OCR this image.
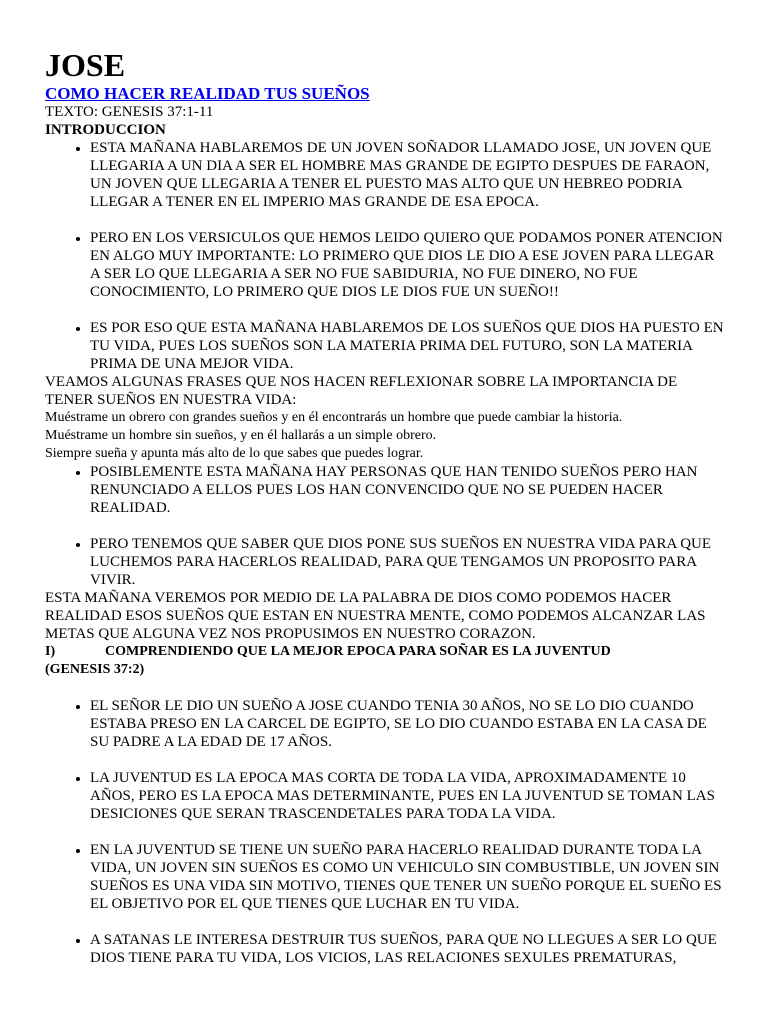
JOSE
COMO HACER REALIDAD TUS SUEÑOS
TEXTO: GENESIS 37:1-11
INTRODUCCION
• ESTA MAÑANA HABLAREMOS DE UN JOVEN SOÑADOR LLAMADO JOSE, UN JOVEN QUE LLEGARIA A UN DIA A SER EL HOMBRE MAS GRANDE DE EGIPTO DESPUES DE FARAON, UN JOVEN QUE LLEGARIA A TENER EL PUESTO MAS ALTO QUE UN HEBREO PODRIA LLEGAR A TENER EN EL IMPERIO MAS GRANDE DE ESA EPOCA.
• PERO EN LOS VERSICULOS QUE HEMOS LEIDO QUIERO QUE PODAMOS PONER ATENCION EN ALGO MUY IMPORTANTE: LO PRIMERO QUE DIOS LE DIO A ESE JOVEN PARA LLEGAR A SER LO QUE LLEGARIA A SER NO FUE SABIDURIA, NO FUE DINERO, NO FUE CONOCIMIENTO, LO PRIMERO QUE DIOS LE DIOS FUE UN SUEÑO!!
• ES POR ESO QUE ESTA MAÑANA HABLAREMOS DE LOS SUEÑOS QUE DIOS HA PUESTO EN TU VIDA, PUES LOS SUEÑOS SON LA MATERIA PRIMA DEL FUTURO, SON LA MATERIA PRIMA DE UNA MEJOR VIDA.
VEAMOS ALGUNAS FRASES QUE NOS HACEN REFLEXIONAR SOBRE LA IMPORTANCIA DE TENER SUEÑOS EN NUESTRA VIDA:
Muéstrame un obrero con grandes sueños y en él encontrarás un hombre que puede cambiar la historia.
Muéstrame un hombre sin sueños, y en él hallarás a un simple obrero.
Siempre sueña y apunta más alto de lo que sabes que puedes lograr.
• POSIBLEMENTE ESTA MAÑANA HAY PERSONAS QUE HAN TENIDO SUEÑOS PERO HAN RENUNCIADO A ELLOS PUES LOS HAN CONVENCIDO QUE NO SE PUEDEN HACER REALIDAD.
• PERO TENEMOS QUE SABER QUE DIOS PONE SUS SUEÑOS EN NUESTRA VIDA PARA QUE LUCHEMOS PARA HACERLOS REALIDAD, PARA QUE TENGAMOS UN PROPOSITO PARA VIVIR.
ESTA MAÑANA VEREMOS POR MEDIO DE LA PALABRA DE DIOS COMO PODEMOS HACER REALIDAD ESOS SUEÑOS QUE ESTAN EN NUESTRA MENTE, COMO PODEMOS ALCANZAR LAS METAS QUE ALGUNA VEZ NOS PROPUSIMOS EN NUESTRO CORAZON.
I)	COMPRENDIENDO QUE LA MEJOR EPOCA PARA SOÑAR ES LA JUVENTUD
(GENESIS 37:2)
• EL SEÑOR LE DIO UN SUEÑO A JOSE CUANDO TENIA 30 AÑOS, NO SE LO DIO CUANDO ESTABA PRESO EN LA CARCEL DE EGIPTO, SE LO DIO CUANDO ESTABA EN LA CASA DE SU PADRE A LA EDAD DE 17 AÑOS.
• LA JUVENTUD ES LA EPOCA MAS CORTA DE TODA LA VIDA, APROXIMADAMENTE 10 AÑOS, PERO ES LA EPOCA MAS DETERMINANTE, PUES EN LA JUVENTUD SE TOMAN LAS DESICIONES QUE SERAN TRASCENDETALES PARA TODA LA VIDA.
• EN LA JUVENTUD SE TIENE UN SUEÑO PARA HACERLO REALIDAD DURANTE TODA LA VIDA, UN JOVEN SIN SUEÑOS ES COMO UN VEHICULO SIN COMBUSTIBLE, UN JOVEN SIN SUEÑOS ES UNA VIDA SIN MOTIVO, TIENES QUE TENER UN SUEÑO PORQUE EL SUEÑO ES EL OBJETIVO POR EL QUE TIENES QUE LUCHAR EN TU VIDA.
• A SATANAS LE INTERESA DESTRUIR TUS SUEÑOS, PARA QUE NO LLEGUES A SER LO QUE DIOS TIENE PARA TU VIDA, LOS VICIOS, LAS RELACIONES SEXULES PREMATURAS,
